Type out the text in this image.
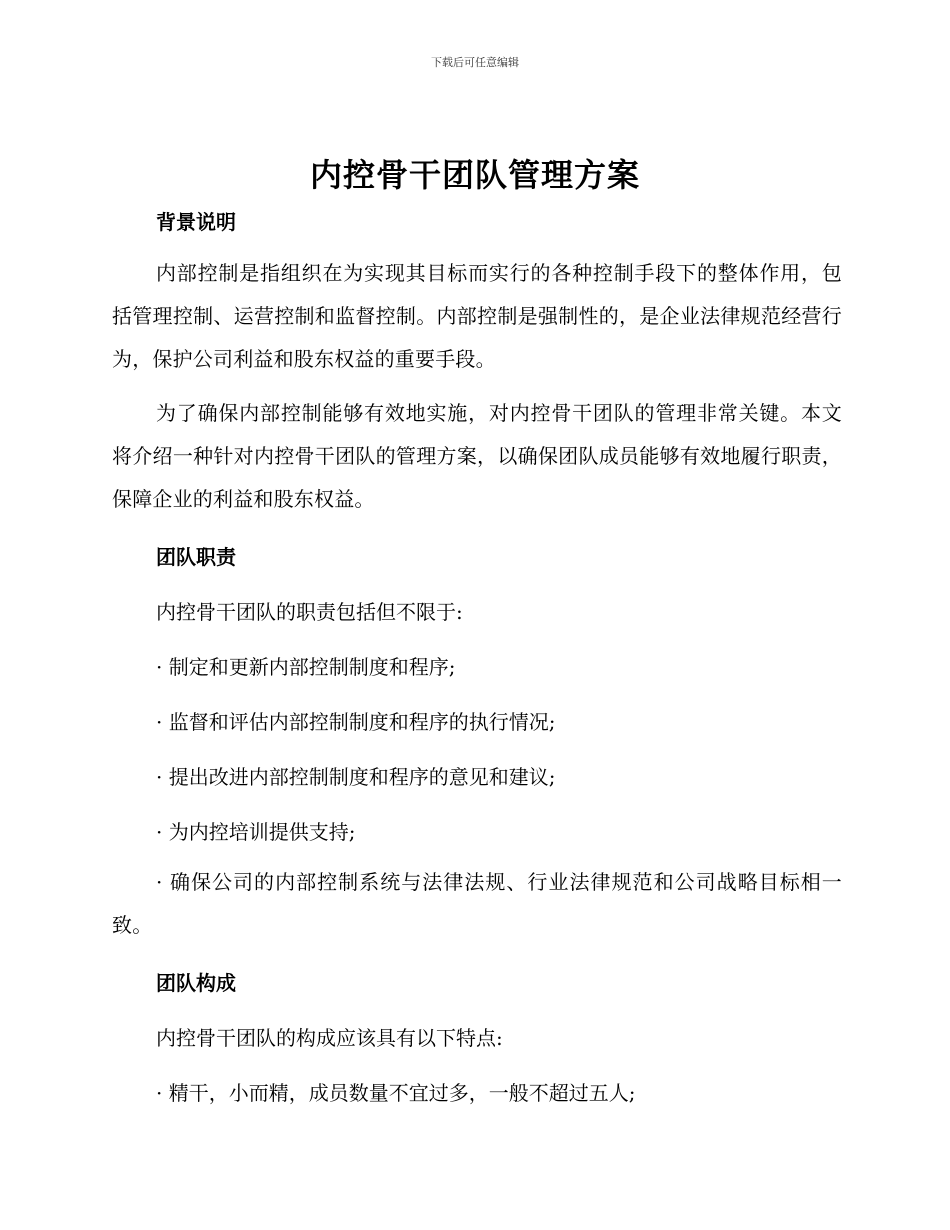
下载后可任意编辑
内控骨干团队管理方案
背景说明
内部控制是指组织在为实现其目标而实行的各种控制手段下的整体作用，包括管理控制、运营控制和监督控制。内部控制是强制性的，是企业法律规范经营行为，保护公司利益和股东权益的重要手段。
为了确保内部控制能够有效地实施，对内控骨干团队的管理非常关键。本文将介绍一种针对内控骨干团队的管理方案，以确保团队成员能够有效地履行职责，保障企业的利益和股东权益。
团队职责
内控骨干团队的职责包括但不限于:
· 制定和更新内部控制制度和程序;
· 监督和评估内部控制制度和程序的执行情况;
· 提出改进内部控制制度和程序的意见和建议;
· 为内控培训提供支持;
· 确保公司的内部控制系统与法律法规、行业法律规范和公司战略目标相一致。
团队构成
内控骨干团队的构成应该具有以下特点:
· 精干，小而精，成员数量不宜过多，一般不超过五人;
